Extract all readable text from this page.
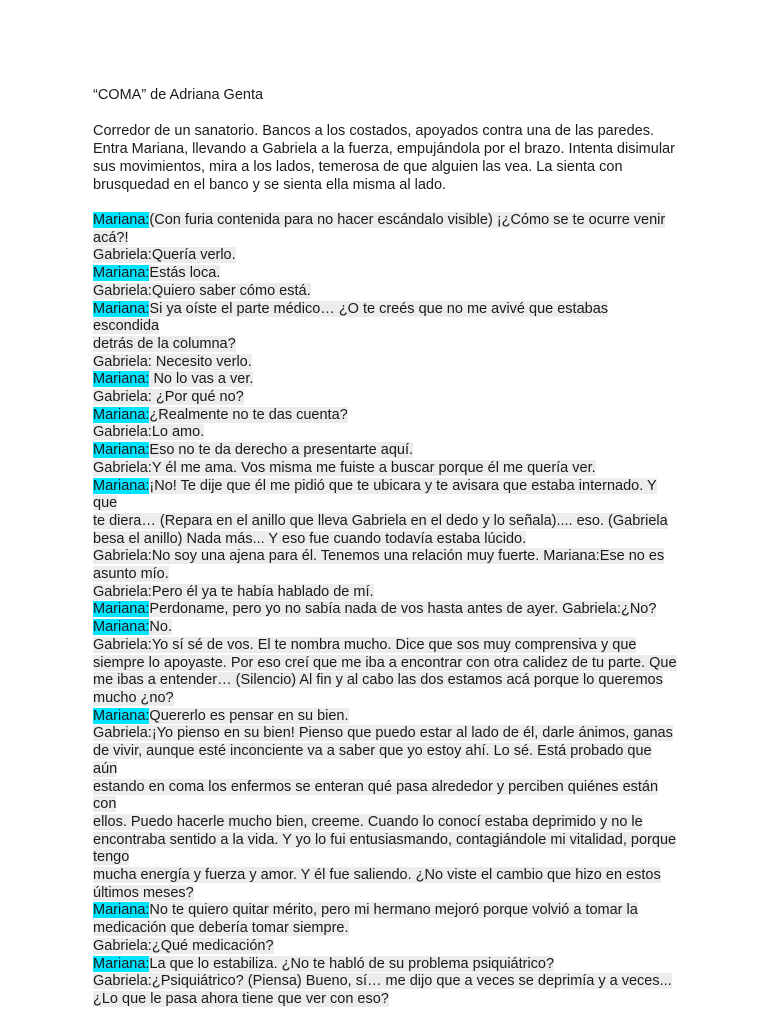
“COMA” de Adriana Genta
Corredor de un sanatorio. Bancos a los costados, apoyados contra una de las paredes.
Entra Mariana, llevando a Gabriela a la fuerza, empujándola por el brazo. Intenta disimular
sus movimientos, mira a los lados, temerosa de que alguien las vea. La sienta con
brusquedad en el banco y se sienta ella misma al lado.
Mariana:(Con furia contenida para no hacer escándalo visible) ¡¿Cómo se te ocurre venir
acá?!
Gabriela:Quería verlo.
Mariana:Estás loca.
Gabriela:Quiero saber cómo está.
Mariana:Si ya oíste el parte médico… ¿O te creés que no me avivé que estabas escondida
detrás de la columna?
Gabriela: Necesito verlo.
Mariana: No lo vas a ver.
Gabriela: ¿Por qué no?
Mariana:¿Realmente no te das cuenta?
Gabriela:Lo amo.
Mariana:Eso no te da derecho a presentarte aquí.
Gabriela:Y él me ama. Vos misma me fuiste a buscar porque él me quería ver.
Mariana:¡No! Te dije que él me pidió que te ubicara y te avisara que estaba internado. Y que
te diera… (Repara en el anillo que lleva Gabriela en el dedo y lo señala).... eso. (Gabriela
besa el anillo) Nada más... Y eso fue cuando todavía estaba lúcido.
Gabriela:No soy una ajena para él. Tenemos una relación muy fuerte. Mariana:Ese no es
asunto mío.
Gabriela:Pero él ya te había hablado de mí.
Mariana:Perdoname, pero yo no sabía nada de vos hasta antes de ayer. Gabriela:¿No?
Mariana:No.
Gabriela:Yo sí sé de vos. El te nombra mucho. Dice que sos muy comprensiva y que
siempre lo apoyaste. Por eso creí que me iba a encontrar con otra calidez de tu parte. Que
me ibas a entender… (Silencio) Al fin y al cabo las dos estamos acá porque lo queremos
mucho ¿no?
Mariana:Quererlo es pensar en su bien.
Gabriela:¡Yo pienso en su bien! Pienso que puedo estar al lado de él, darle ánimos, ganas
de vivir, aunque esté inconciente va a saber que yo estoy ahí. Lo sé. Está probado que aún
estando en coma los enfermos se enteran qué pasa alrededor y perciben quiénes están con
ellos. Puedo hacerle mucho bien, creeme. Cuando lo conocí estaba deprimido y no le
encontraba sentido a la vida. Y yo lo fui entusiasmando, contagiándole mi vitalidad, porque
tengo
mucha energía y fuerza y amor. Y él fue saliendo. ¿No viste el cambio que hizo en estos
últimos meses?
Mariana:No te quiero quitar mérito, pero mi hermano mejoró porque volvió a tomar la
medicación que debería tomar siempre.
Gabriela:¿Qué medicación?
Mariana:La que lo estabiliza. ¿No te habló de su problema psiquiátrico?
Gabriela:¿Psiquiátrico? (Piensa) Bueno, sí… me dijo que a veces se deprimía y a veces...
¿Lo que le pasa ahora tiene que ver con eso?
